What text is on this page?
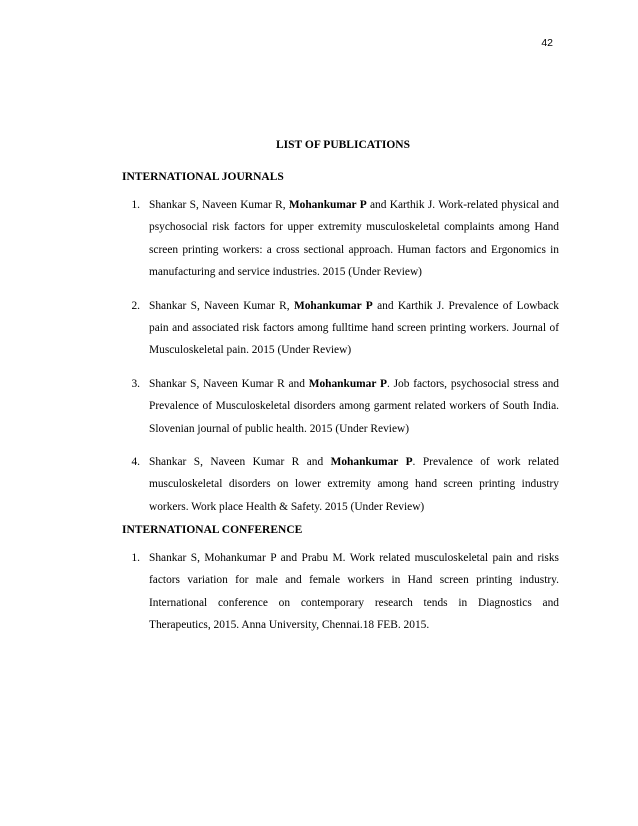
42
LIST OF PUBLICATIONS
INTERNATIONAL JOURNALS
1. Shankar S, Naveen Kumar R, Mohankumar P and Karthik J. Work-related physical and psychosocial risk factors for upper extremity musculoskeletal complaints among Hand screen printing workers: a cross sectional approach. Human factors and Ergonomics in manufacturing and service industries. 2015 (Under Review)
2. Shankar S, Naveen Kumar R, Mohankumar P and Karthik J. Prevalence of Lowback pain and associated risk factors among fulltime hand screen printing workers. Journal of Musculoskeletal pain. 2015 (Under Review)
3. Shankar S, Naveen Kumar R and Mohankumar P. Job factors, psychosocial stress and Prevalence of Musculoskeletal disorders among garment related workers of South India. Slovenian journal of public health. 2015 (Under Review)
4. Shankar S, Naveen Kumar R and Mohankumar P. Prevalence of work related musculoskeletal disorders on lower extremity among hand screen printing industry workers. Work place Health & Safety. 2015 (Under Review)
INTERNATIONAL CONFERENCE
1. Shankar S, Mohankumar P and Prabu M. Work related musculoskeletal pain and risks factors variation for male and female workers in Hand screen printing industry. International conference on contemporary research tends in Diagnostics and Therapeutics, 2015. Anna University, Chennai.18 FEB. 2015.
